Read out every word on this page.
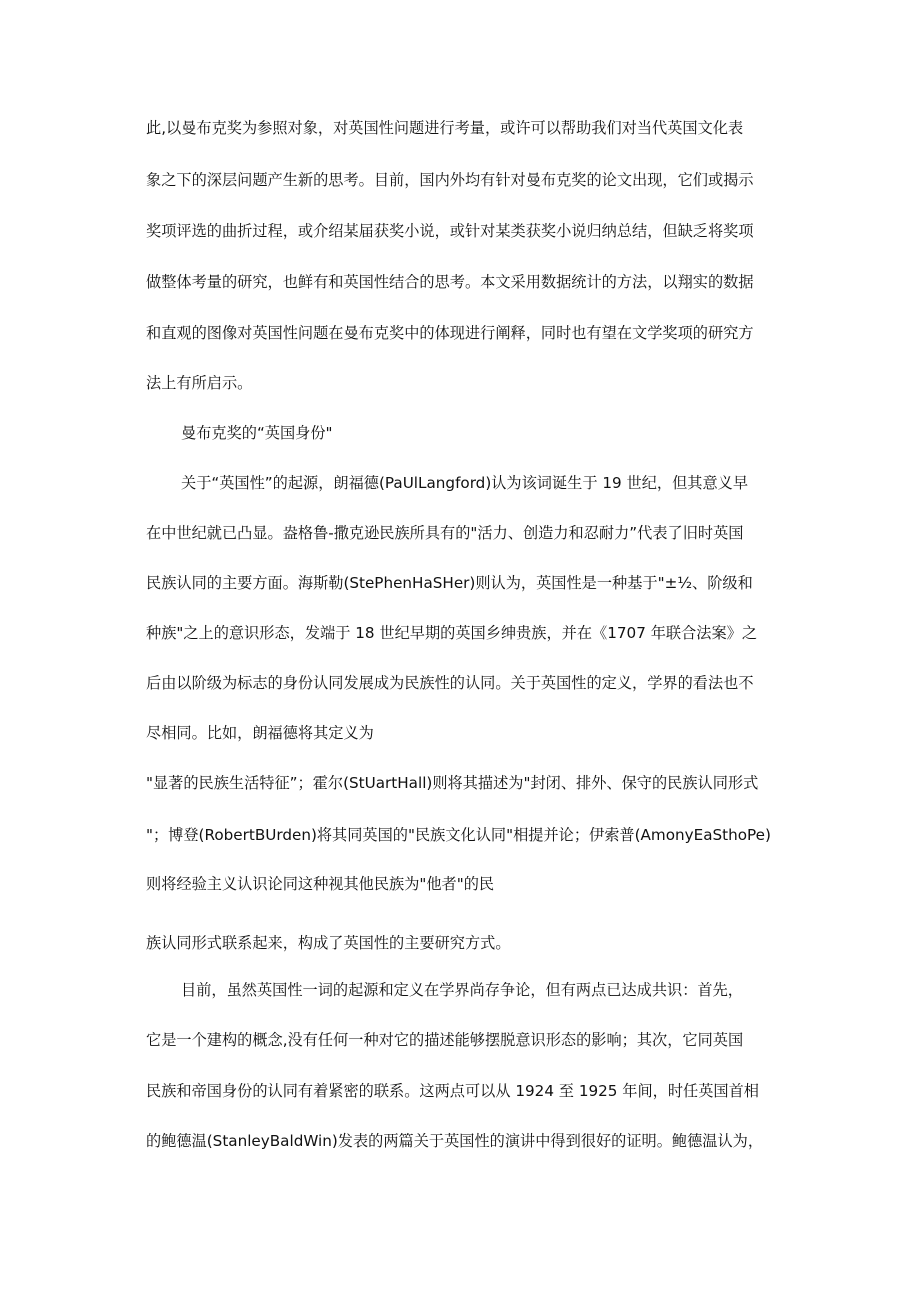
此,以曼布克奖为参照对象，对英国性问题进行考量，或许可以帮助我们对当代英国文化表

象之下的深层问题产生新的思考。目前，国内外均有针对曼布克奖的论文出现，它们或揭示

奖项评选的曲折过程，或介绍某届获奖小说，或针对某类获奖小说归纳总结，但缺乏将奖项

做整体考量的研究，也鲜有和英国性结合的思考。本文采用数据统计的方法，以翔实的数据

和直观的图像对英国性问题在曼布克奖中的体现进行阐释，同时也有望在文学奖项的研究方

法上有所启示。

曼布克奖的“英国身份"

关于“英国性”的起源，朗福德(PaUlLangford)认为该词诞生于 19 世纪，但其意义早

在中世纪就已凸显。盎格鲁-撒克逊民族所具有的"活力、创造力和忍耐力”代表了旧时英国

民族认同的主要方面。海斯勒(StePhenHaSHer)则认为，英国性是一种基于"±½、阶级和

种族"之上的意识形态，发端于 18 世纪早期的英国乡绅贵族，并在《1707 年联合法案》之

后由以阶级为标志的身份认同发展成为民族性的认同。关于英国性的定义，学界的看法也不

尽相同。比如，朗福德将其定义为

"显著的民族生活特征”；霍尔(StUartHall)则将其描述为"封闭、排外、保守的民族认同形式

"；博登(RobertBUrden)将其同英国的"民族文化认同"相提并论；伊索普(AmonyEaSthoPe)

则将经验主义认识论同这种视其他民族为"他者"的民

族认同形式联系起来，构成了英国性的主要研究方式。

目前，虽然英国性一词的起源和定义在学界尚存争论，但有两点已达成共识：首先，

它是一个建构的概念,没有任何一种对它的描述能够摆脱意识形态的影响；其次，它同英国

民族和帝国身份的认同有着紧密的联系。这两点可以从 1924 至 1925 年间，时任英国首相

的鲍德温(StanleyBaldWin)发表的两篇关于英国性的演讲中得到很好的证明。鲍德温认为，
